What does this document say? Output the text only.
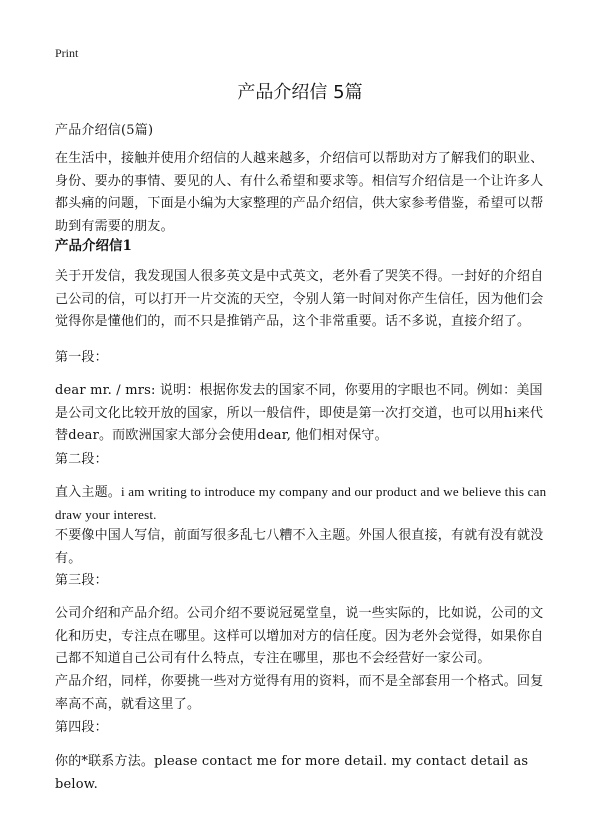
Print
产品介绍信 5篇
产品介绍信(5篇)
在生活中，接触并使用介绍信的人越来越多，介绍信可以帮助对方了解我们的职业、身份、要办的事情、要见的人、有什么希望和要求等。相信写介绍信是一个让许多人都头痛的问题，下面是小编为大家整理的产品介绍信，供大家参考借鉴，希望可以帮助到有需要的朋友。
产品介绍信1
关于开发信，我发现国人很多英文是中式英文，老外看了哭笑不得。一封好的介绍自己公司的信，可以打开一片交流的天空，令别人第一时间对你产生信任，因为他们会觉得你是懂他们的，而不只是推销产品，这个非常重要。话不多说，直接介绍了。
第一段：
dear mr. / mrs: 说明：根据你发去的国家不同，你要用的字眼也不同。例如：美国是公司文化比较开放的国家，所以一般信件，即使是第一次打交道，也可以用hi来代替dear。而欧洲国家大部分会使用dear, 他们相对保守。
第二段：
直入主题。i am writing to introduce my company and our product and we believe this can draw your interest.
不要像中国人写信，前面写很多乱七八糟不入主题。外国人很直接，有就有没有就没有。
第三段：
公司介绍和产品介绍。公司介绍不要说冠冕堂皇，说一些实际的，比如说，公司的文化和历史，专注点在哪里。这样可以增加对方的信任度。因为老外会觉得，如果你自己都不知道自己公司有什么特点，专注在哪里，那也不会经营好一家公司。
产品介绍，同样，你要挑一些对方觉得有用的资料，而不是全部套用一个格式。回复率高不高，就看这里了。
第四段：
你的*联系方法。please contact me for more detail. my contact detail as below.
